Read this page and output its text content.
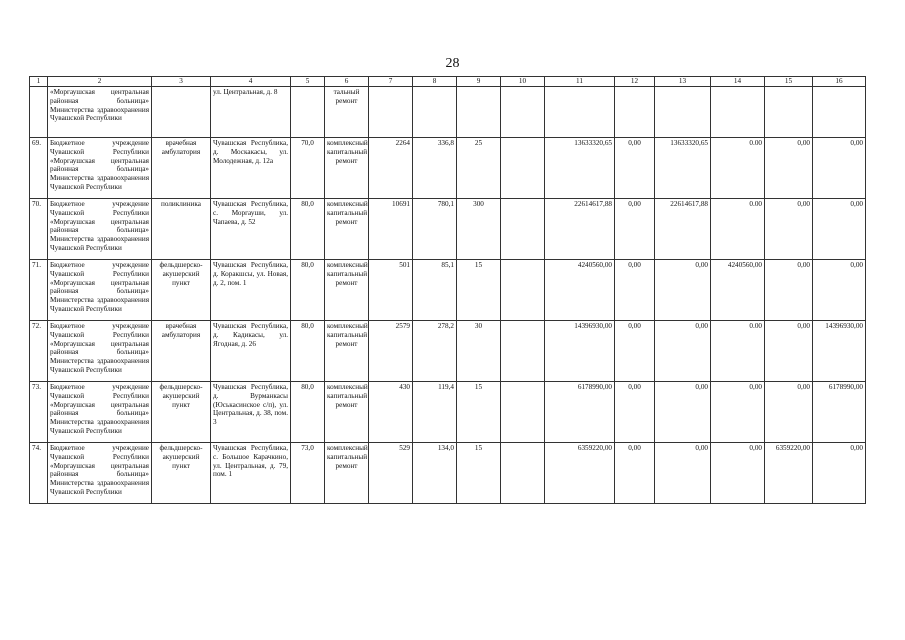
28
1	2	3	4	5	6	7	8	9	10	11	12	13	14	15	16
	«Моргаушская центральная районная больница» Министерства здравоохранения Чувашской Республики		ул. Центральная, д. 8		тальный ремонт										
69.	Бюджетное учреждение Чувашской Республики «Моргаушская центральная районная больница» Министерства здравоохранения Чувашской Республики	врачебная амбулатория	Чувашская Республика, д. Москакасы, ул. Молодежная, д. 12а	70,0	комплексный капитальный ремонт	2264	336,8	25		13633320,65	0,00	13633320,65	0.00	0,00	0,00
70.	Бюджетное учреждение Чувашской Республики «Моргаушская центральная районная больница» Министерства здравоохранения Чувашской Республики	поликлиника	Чувашская Республика, с. Моргауши, ул. Чапаева, д. 52	80,0	комплексный капитальный ремонт	10691	780,1	300		22614617,88	0,00	22614617,88	0.00	0,00	0,00
71.	Бюджетное учреждение Чувашской Республики «Моргаушская центральная районная больница» Министерства здравоохранения Чувашской Республики	фельдшерско-акушерский пункт	Чувашская Республика, д. Коракшсы, ул. Новая, д. 2, пом. 1	80,0	комплексный капитальный ремонт	501	85,1	15		4240560,00	0,00	0,00	4240560,00	0,00	0,00
72.	Бюджетное учреждение Чувашской Республики «Моргаушская центральная районная больница» Министерства здравоохранения Чувашской Республики	врачебная амбулатория	Чувашская Республика, д. Кадикасы, ул. Ягодная, д. 26	80,0	комплексный капитальный ремонт	2579	278,2	30		14396930,00	0,00	0,00	0.00	0,00	14396930,00
73.	Бюджетное учреждение Чувашской Республики «Моргаушская центральная районная больница» Министерства здравоохранения Чувашской Республики	фельдшерско-акушерский пункт	Чувашская Республика, д. Вурманкасы (Юськасинское с/п), ул. Центральная, д. 38, пом. 3	80,0	комплексный капитальный ремонт	430	119,4	15		6178990,00	0,00	0,00	0,00	0,00	6178990,00
74.	Бюджетное учреждение Чувашской Республики «Моргаушская центральная районная больница» Министерства здравоохранения Чувашской Республики	фельдшерско-акушерский пункт	Чувашская Республика, с. Большое Карачкино, ул. Центральная, д. 79, пом. 1	73,0	комплексный капитальный ремонт	529	134,0	15		6359220,00	0,00	0,00	0,00	6359220,00	0,00
